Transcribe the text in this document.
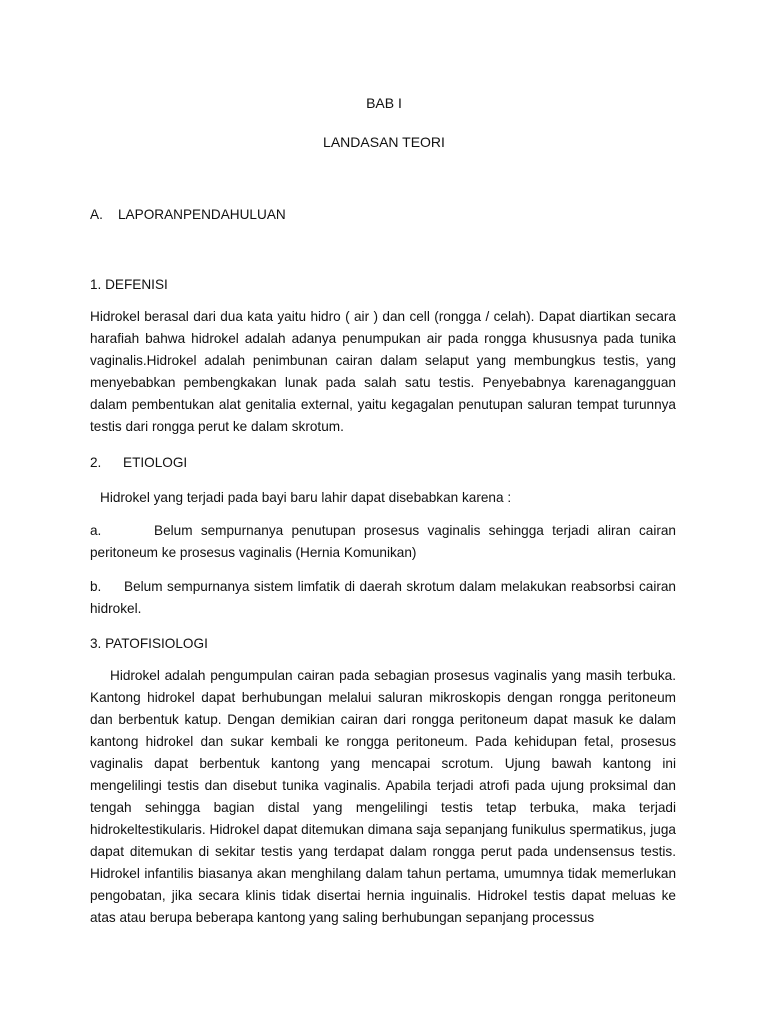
BAB I
LANDASAN TEORI
A.	LAPORANPENDAHULUAN
1. DEFENISI
Hidrokel berasal dari dua kata yaitu hidro ( air ) dan cell (rongga / celah). Dapat diartikan secara harafiah bahwa hidrokel adalah adanya penumpukan air pada rongga khususnya pada tunika vaginalis.Hidrokel adalah penimbunan cairan dalam selaput yang membungkus testis, yang menyebabkan pembengkakan lunak pada salah satu testis. Penyebabnya karenagangguan dalam pembentukan alat genitalia external, yaitu kegagalan penutupan saluran tempat turunnya testis dari rongga perut ke dalam skrotum.
2.	ETIOLOGI
Hidrokel yang terjadi pada bayi baru lahir dapat disebabkan karena :
a.	Belum sempurnanya penutupan prosesus vaginalis sehingga terjadi aliran cairan
peritoneum ke prosesus vaginalis (Hernia Komunikan)
b.	Belum sempurnanya sistem limfatik di daerah skrotum dalam melakukan reabsorbsi cairan
hidrokel.
3. PATOFISIOLOGI
Hidrokel adalah pengumpulan cairan pada sebagian prosesus vaginalis yang masih terbuka. Kantong hidrokel dapat berhubungan melalui saluran mikroskopis dengan rongga peritoneum dan berbentuk katup. Dengan demikian cairan dari rongga peritoneum dapat masuk ke dalam kantong hidrokel dan sukar kembali ke rongga peritoneum. Pada kehidupan fetal, prosesus vaginalis dapat berbentuk kantong yang mencapai scrotum. Ujung bawah kantong ini mengelilingi testis dan disebut tunika vaginalis. Apabila terjadi atrofi pada ujung proksimal dan tengah sehingga bagian distal yang mengelilingi testis tetap terbuka, maka terjadi hidrokeltestikularis. Hidrokel dapat ditemukan dimana saja sepanjang funikulus spermatikus, juga dapat ditemukan di sekitar testis yang terdapat dalam rongga perut pada undensensus testis. Hidrokel infantilis biasanya akan menghilang dalam tahun pertama, umumnya tidak memerlukan pengobatan, jika secara klinis tidak disertai hernia inguinalis. Hidrokel testis dapat meluas ke atas atau berupa beberapa kantong yang saling berhubungan sepanjang processus
